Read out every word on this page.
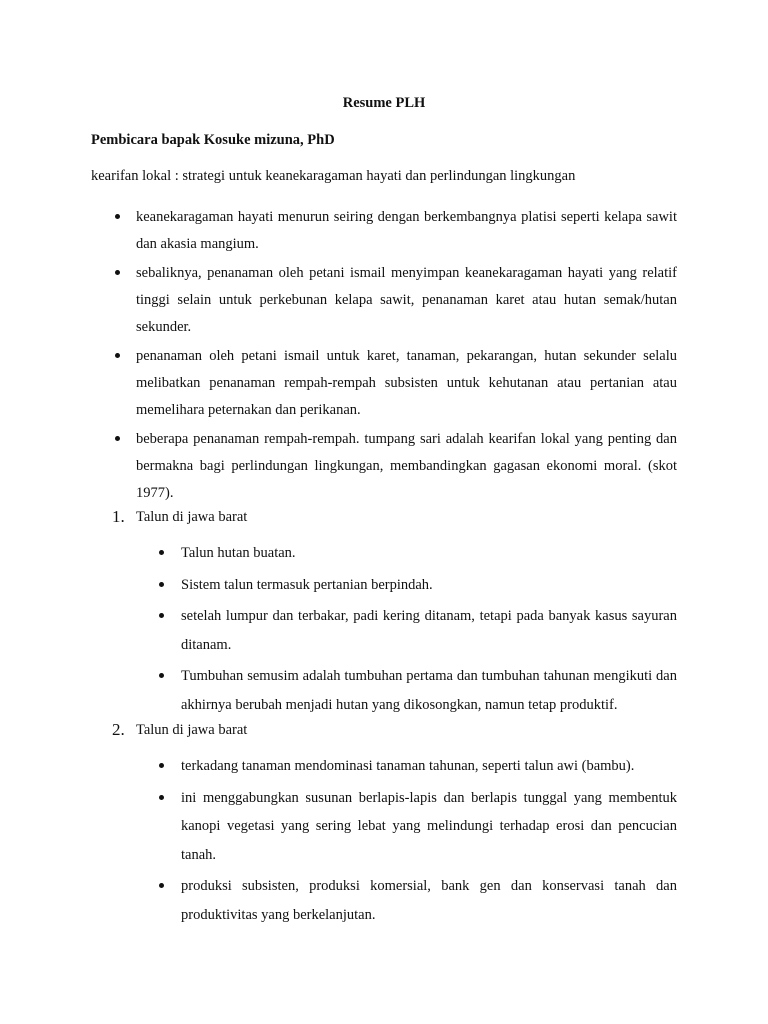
Resume PLH
Pembicara bapak Kosuke mizuna, PhD
kearifan lokal : strategi untuk keanekaragaman hayati dan perlindungan lingkungan
keanekaragaman hayati menurun seiring dengan berkembangnya platisi seperti kelapa sawit dan akasia mangium.
sebaliknya, penanaman oleh petani ismail menyimpan keanekaragaman hayati yang relatif tinggi selain untuk perkebunan kelapa sawit, penanaman karet atau hutan semak/hutan sekunder.
penanaman oleh petani ismail untuk karet, tanaman, pekarangan, hutan sekunder selalu melibatkan penanaman rempah-rempah subsisten untuk kehutanan atau pertanian atau memelihara peternakan dan perikanan.
beberapa penanaman rempah-rempah. tumpang sari adalah kearifan lokal yang penting dan bermakna bagi perlindungan lingkungan, membandingkan gagasan ekonomi moral. (skot 1977).
1. Talun di jawa barat
Talun hutan buatan.
Sistem talun termasuk pertanian berpindah.
setelah lumpur dan terbakar, padi kering ditanam, tetapi pada banyak kasus sayuran ditanam.
Tumbuhan semusim adalah tumbuhan pertama dan tumbuhan tahunan mengikuti dan akhirnya berubah menjadi hutan yang dikosongkan, namun tetap produktif.
2. Talun di jawa barat
terkadang tanaman mendominasi tanaman tahunan, seperti talun awi (bambu).
ini menggabungkan susunan berlapis-lapis dan berlapis tunggal yang membentuk kanopi vegetasi yang sering lebat yang melindungi terhadap erosi dan pencucian tanah.
produksi subsisten, produksi komersial, bank gen dan konservasi tanah dan produktivitas yang berkelanjutan.
